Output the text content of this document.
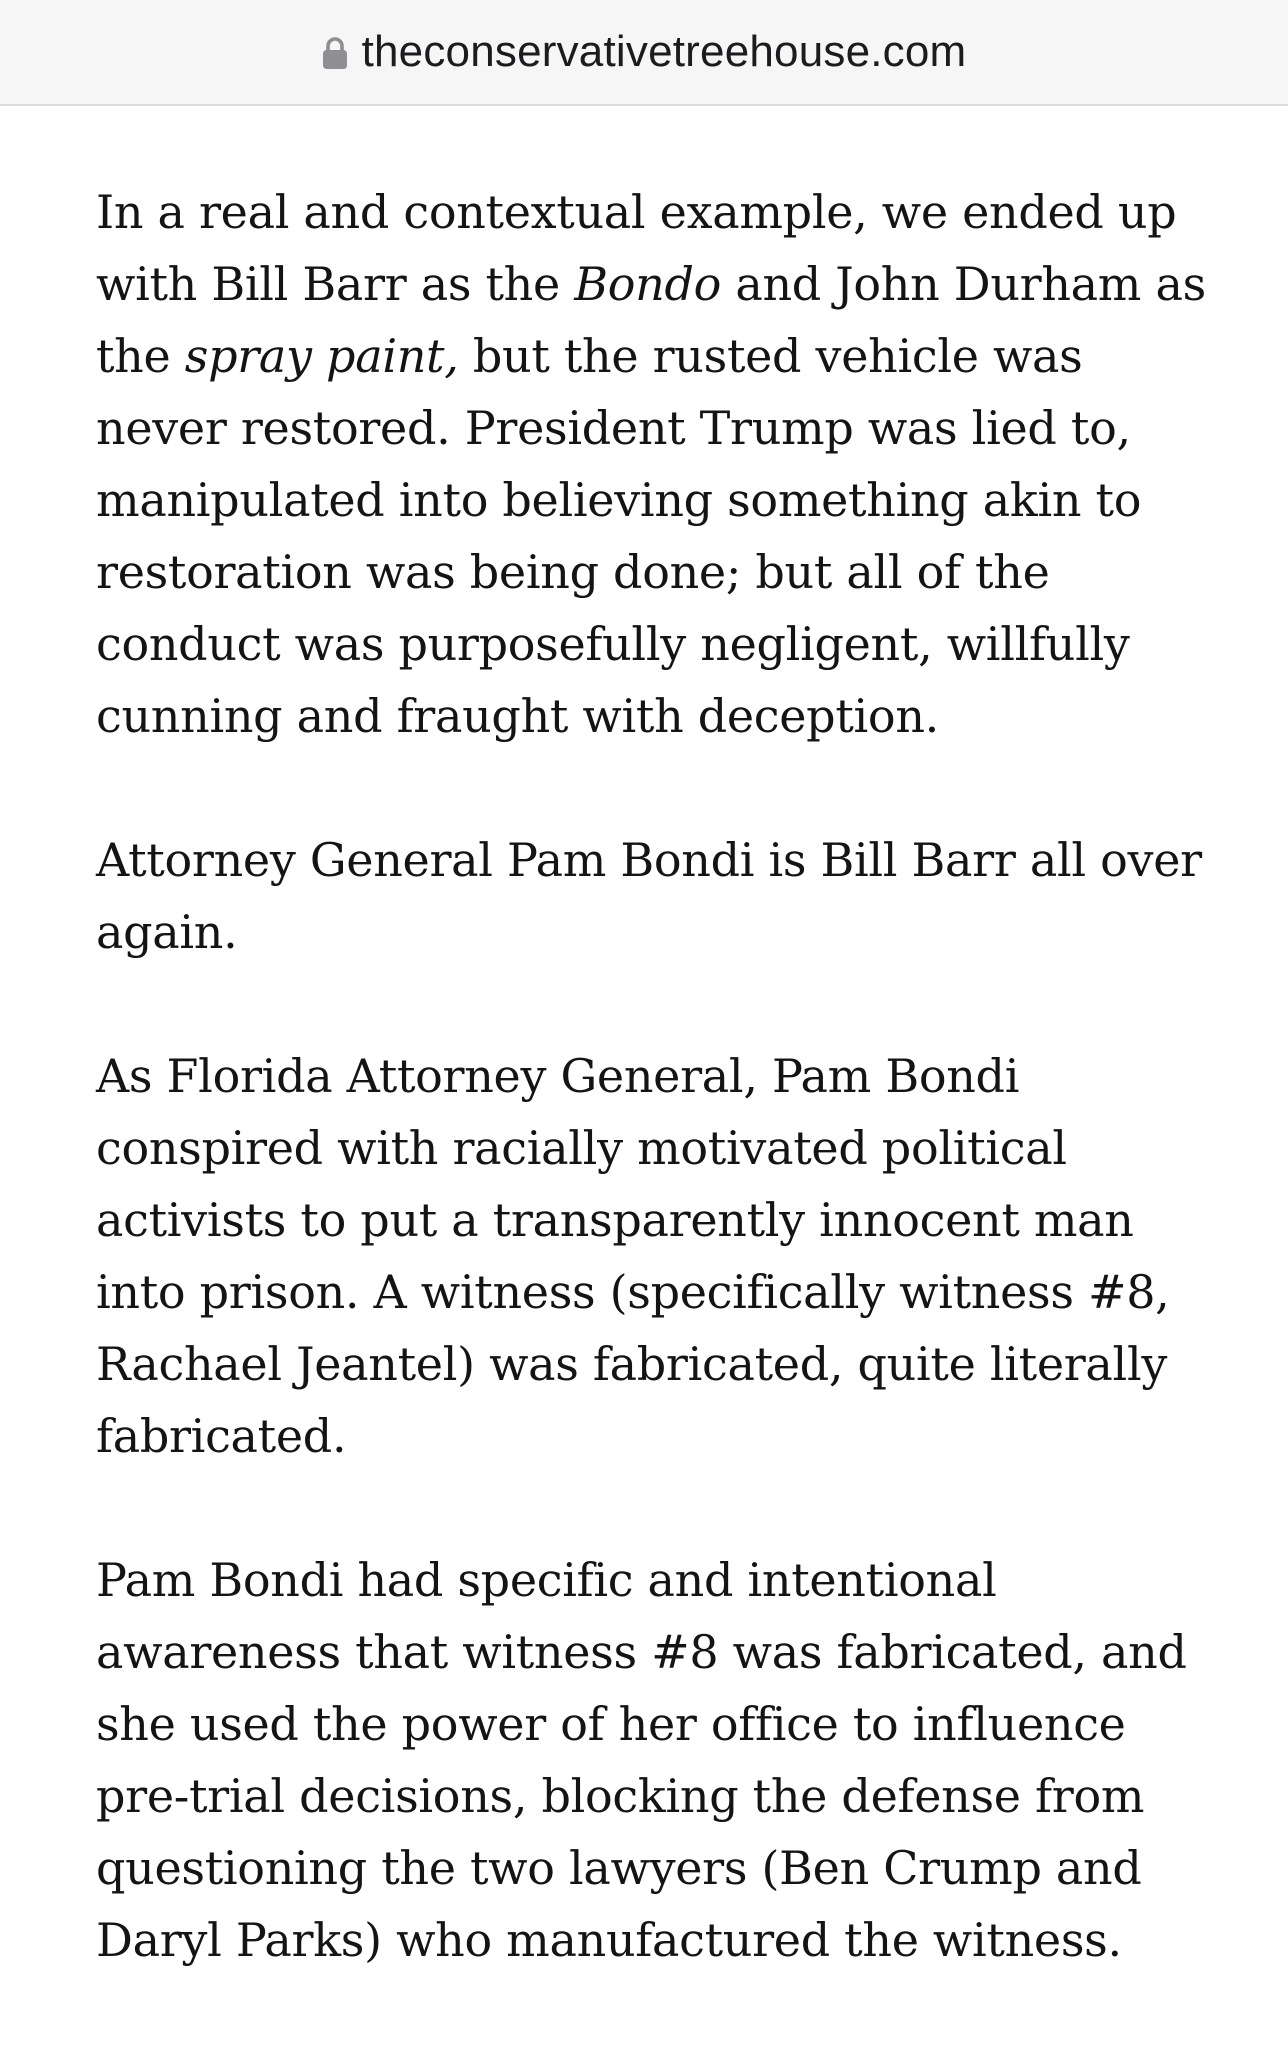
theconservativetreehouse.com

In a real and contextual example, we ended up with Bill Barr as the Bondo and John Durham as the spray paint, but the rusted vehicle was never restored. President Trump was lied to, manipulated into believing something akin to restoration was being done; but all of the conduct was purposefully negligent, willfully cunning and fraught with deception.

Attorney General Pam Bondi is Bill Barr all over again.

As Florida Attorney General, Pam Bondi conspired with racially motivated political activists to put a transparently innocent man into prison. A witness (specifically witness #8, Rachael Jeantel) was fabricated, quite literally fabricated.

Pam Bondi had specific and intentional awareness that witness #8 was fabricated, and she used the power of her office to influence pre-trial decisions, blocking the defense from questioning the two lawyers (Ben Crump and Daryl Parks) who manufactured the witness.
